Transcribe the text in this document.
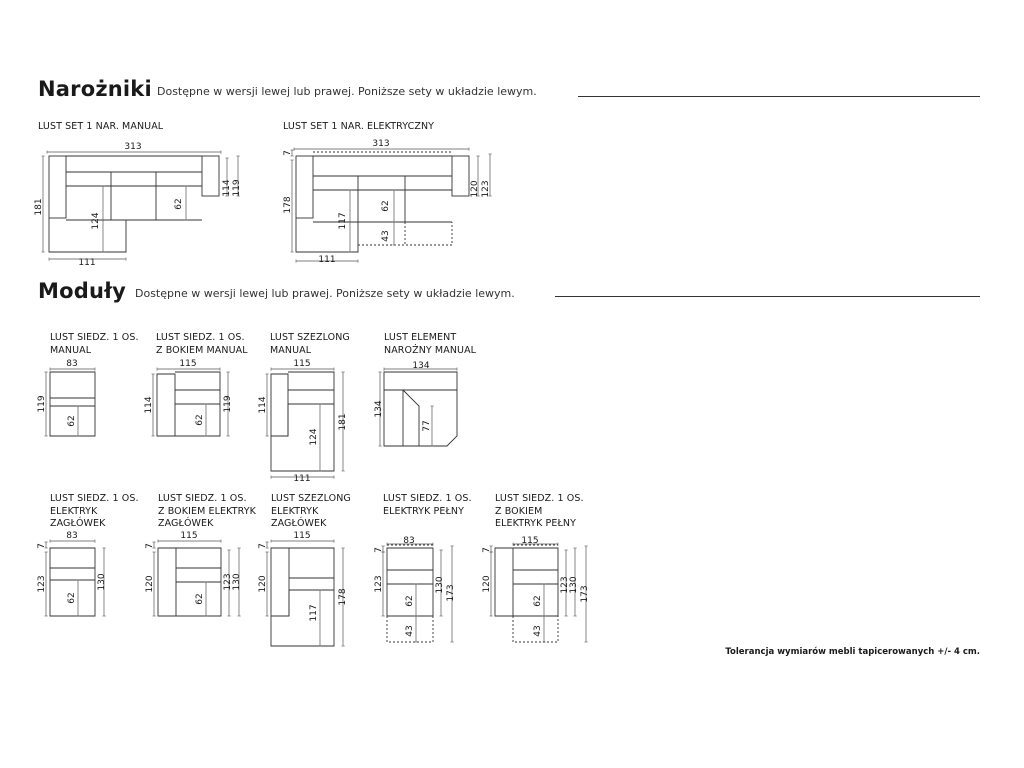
Narożniki Dostępne w wersji lewej lub prawej. Poniższe sety w układzie lewym.
Moduły Dostępne w wersji lewej lub prawej. Poniższe sety w układzie lewym.
LUST SET 1 NAR. MANUAL	LUST SET 1 NAR. ELEKTRYCZNY
LUST SIEDZ. 1 OS.
MANUAL
LUST SIEDZ. 1 OS.
Z BOKIEM MANUAL
LUST SZEZLONG
MANUAL
LUST ELEMENT
NAROŻNY MANUAL
LUST SIEDZ. 1 OS.
ELEKTRYK
ZAGŁÓWEK
LUST SIEDZ. 1 OS.
Z BOKIEM ELEKTRYK
ZAGŁÓWEK
LUST SZEZLONG
ELEKTRYK
ZAGŁÓWEK
LUST SIEDZ. 1 OS.
ELEKTRYK PEŁNY
LUST SIEDZ. 1 OS.
Z BOKIEM
ELEKTRYK PEŁNY
Tolerancja wymiarów mebli tapicerowanych +/- 4 cm.
313
181
111
124
62
114 119
313
7
178
111
117
62
43
120 123
83
119
62
115
114
62
119
115
114
124
181
111
134
134
77
83
7
123
62
130
115
7
120
62
123 130
115
7
120
117
178
83
7
123
62
43
130 173
115
7
120
62
43
123 130
173
